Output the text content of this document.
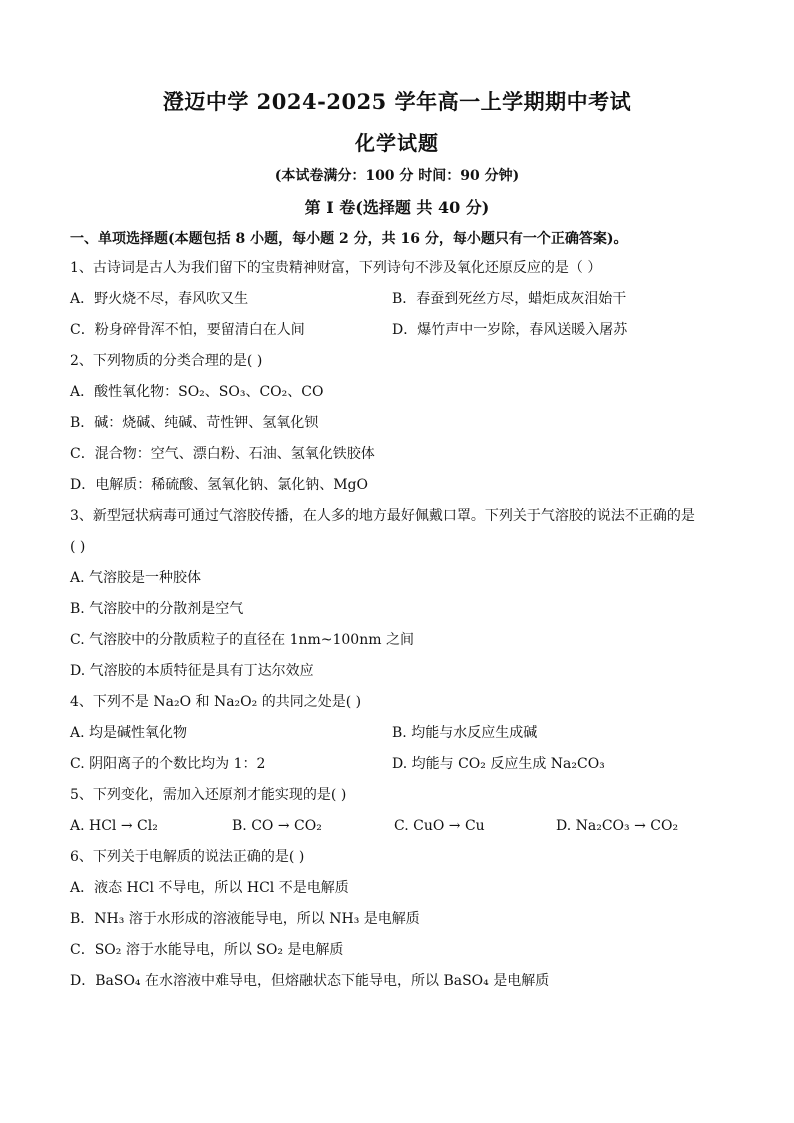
澄迈中学 2024-2025 学年高一上学期期中考试
化学试题
(本试卷满分：100 分 时间：90 分钟)
第 I 卷(选择题 共 40 分)
一、单项选择题(本题包括 8 小题，每小题 2 分，共 16 分，每小题只有一个正确答案)。
1、古诗词是古人为我们留下的宝贵精神财富，下列诗句不涉及氧化还原反应的是（ ）
A．野火烧不尽，春风吹又生	B．春蚕到死丝方尽，蜡炬成灰泪始干
C．粉身碎骨浑不怕，要留清白在人间	D．爆竹声中一岁除，春风送暖入屠苏
2、下列物质的分类合理的是( )
A．酸性氧化物：SO₂、SO₃、CO₂、CO
B．碱：烧碱、纯碱、苛性钾、氢氧化钡
C．混合物：空气、漂白粉、石油、氢氧化铁胶体
D．电解质：稀硫酸、氢氧化钠、氯化钠、MgO
3、新型冠状病毒可通过气溶胶传播，在人多的地方最好佩戴口罩。下列关于气溶胶的说法不正确的是
( )
A. 气溶胶是一种胶体
B. 气溶胶中的分散剂是空气
C. 气溶胶中的分散质粒子的直径在 1nm~100nm 之间
D. 气溶胶的本质特征是具有丁达尔效应
4、下列不是 Na₂O 和 Na₂O₂ 的共同之处是( )
A. 均是碱性氧化物	B. 均能与水反应生成碱
C. 阴阳离子的个数比均为 1：2	D. 均能与 CO₂ 反应生成 Na₂CO₃
5、下列变化，需加入还原剂才能实现的是( )
A. HCl → Cl₂	B. CO → CO₂	C. CuO → Cu	D. Na₂CO₃ → CO₂
6、下列关于电解质的说法正确的是( )
A．液态 HCl 不导电，所以 HCl 不是电解质
B．NH₃ 溶于水形成的溶液能导电，所以 NH₃ 是电解质
C．SO₂ 溶于水能导电，所以 SO₂ 是电解质
D．BaSO₄ 在水溶液中难导电，但熔融状态下能导电，所以 BaSO₄ 是电解质
